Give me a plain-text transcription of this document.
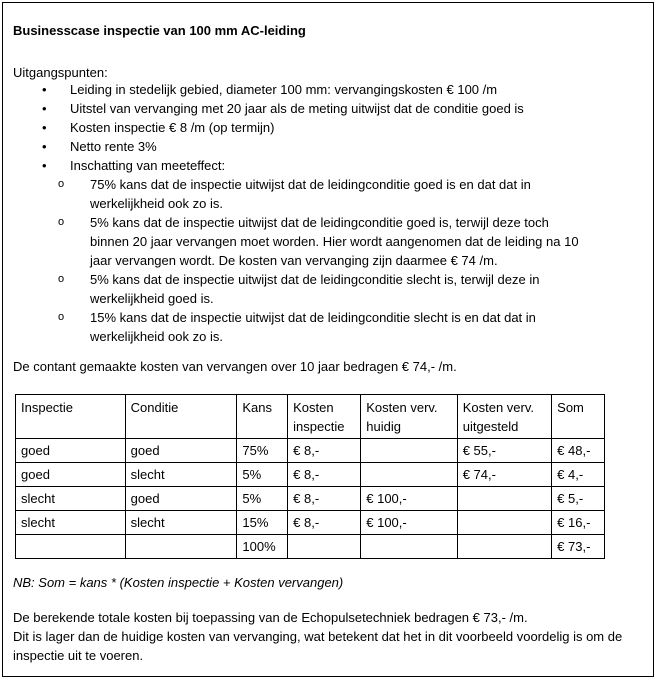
Businesscase inspectie van 100 mm AC-leiding
Uitgangspunten:
• Leiding in stedelijk gebied, diameter 100 mm: vervangingskosten € 100 /m
• Uitstel van vervanging met 20 jaar als de meting uitwijst dat de conditie goed is
• Kosten inspectie € 8 /m (op termijn)
• Netto rente 3%
• Inschatting van meeteffect:
o 75% kans dat de inspectie uitwijst dat de leidingconditie goed is en dat dat in werkelijkheid ook zo is.
o 5% kans dat de inspectie uitwijst dat de leidingconditie goed is, terwijl deze toch binnen 20 jaar vervangen moet worden. Hier wordt aangenomen dat de leiding na 10 jaar vervangen wordt. De kosten van vervanging zijn daarmee € 74 /m.
o 5% kans dat de inspectie uitwijst dat de leidingconditie slecht is, terwijl deze in werkelijkheid goed is.
o 15% kans dat de inspectie uitwijst dat de leidingconditie slecht is en dat dat in werkelijkheid ook zo is.
De contant gemaakte kosten van vervangen over 10 jaar bedragen € 74,- /m.
Inspectie	Conditie	Kans	Kosten inspectie	Kosten verv. huidig	Kosten verv. uitgesteld	Som
goed	goed	75%	€ 8,-		€ 55,-	€ 48,-
goed	slecht	5%	€ 8,-		€ 74,-	€ 4,-
slecht	goed	5%	€ 8,-	€ 100,-		€ 5,-
slecht	slecht	15%	€ 8,-	€ 100,-		€ 16,-
		100%				€ 73,-
NB: Som = kans * (Kosten inspectie + Kosten vervangen)
De berekende totale kosten bij toepassing van de Echopulsetechniek bedragen € 73,- /m.
Dit is lager dan de huidige kosten van vervanging, wat betekent dat het in dit voorbeeld voordelig is om de inspectie uit te voeren.
